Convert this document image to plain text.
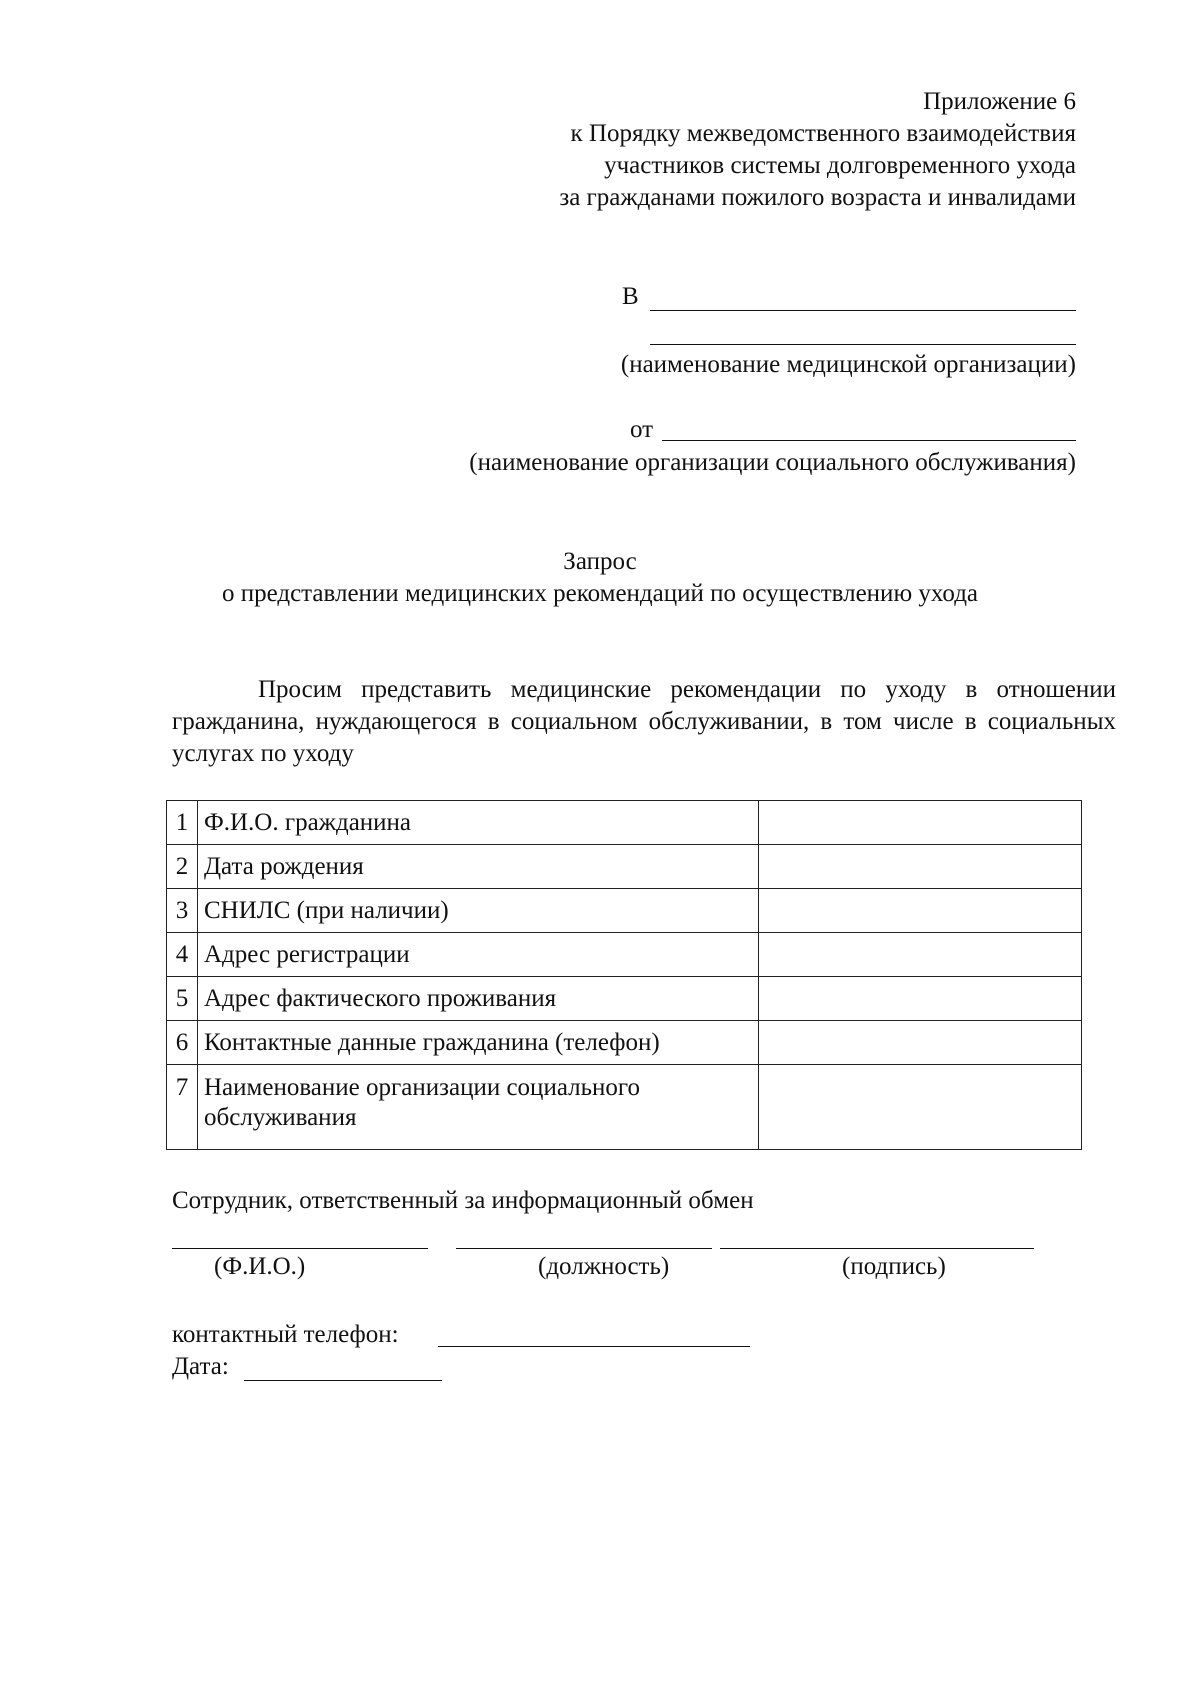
Приложение 6
к Порядку межведомственного взаимодействия
участников системы долговременного ухода
за гражданами пожилого возраста и инвалидами
В
(наименование медицинской организации)
от
(наименование организации социального обслуживания)
Запрос
о представлении медицинских рекомендаций по осуществлению ухода
Просим представить медицинские рекомендации по уходу в отношении гражданина, нуждающегося в социальном обслуживании, в том числе в социальных услугах по уходу
1	Ф.И.О. гражданина	
2	Дата рождения	
3	СНИЛС (при наличии)	
4	Адрес регистрации	
5	Адрес фактического проживания	
6	Контактные данные гражданина (телефон)	
7	Наименование организации социального обслуживания	
Сотрудник, ответственный за информационный обмен
(Ф.И.О.)	(должность)	(подпись)
контактный телефон:
Дата:
